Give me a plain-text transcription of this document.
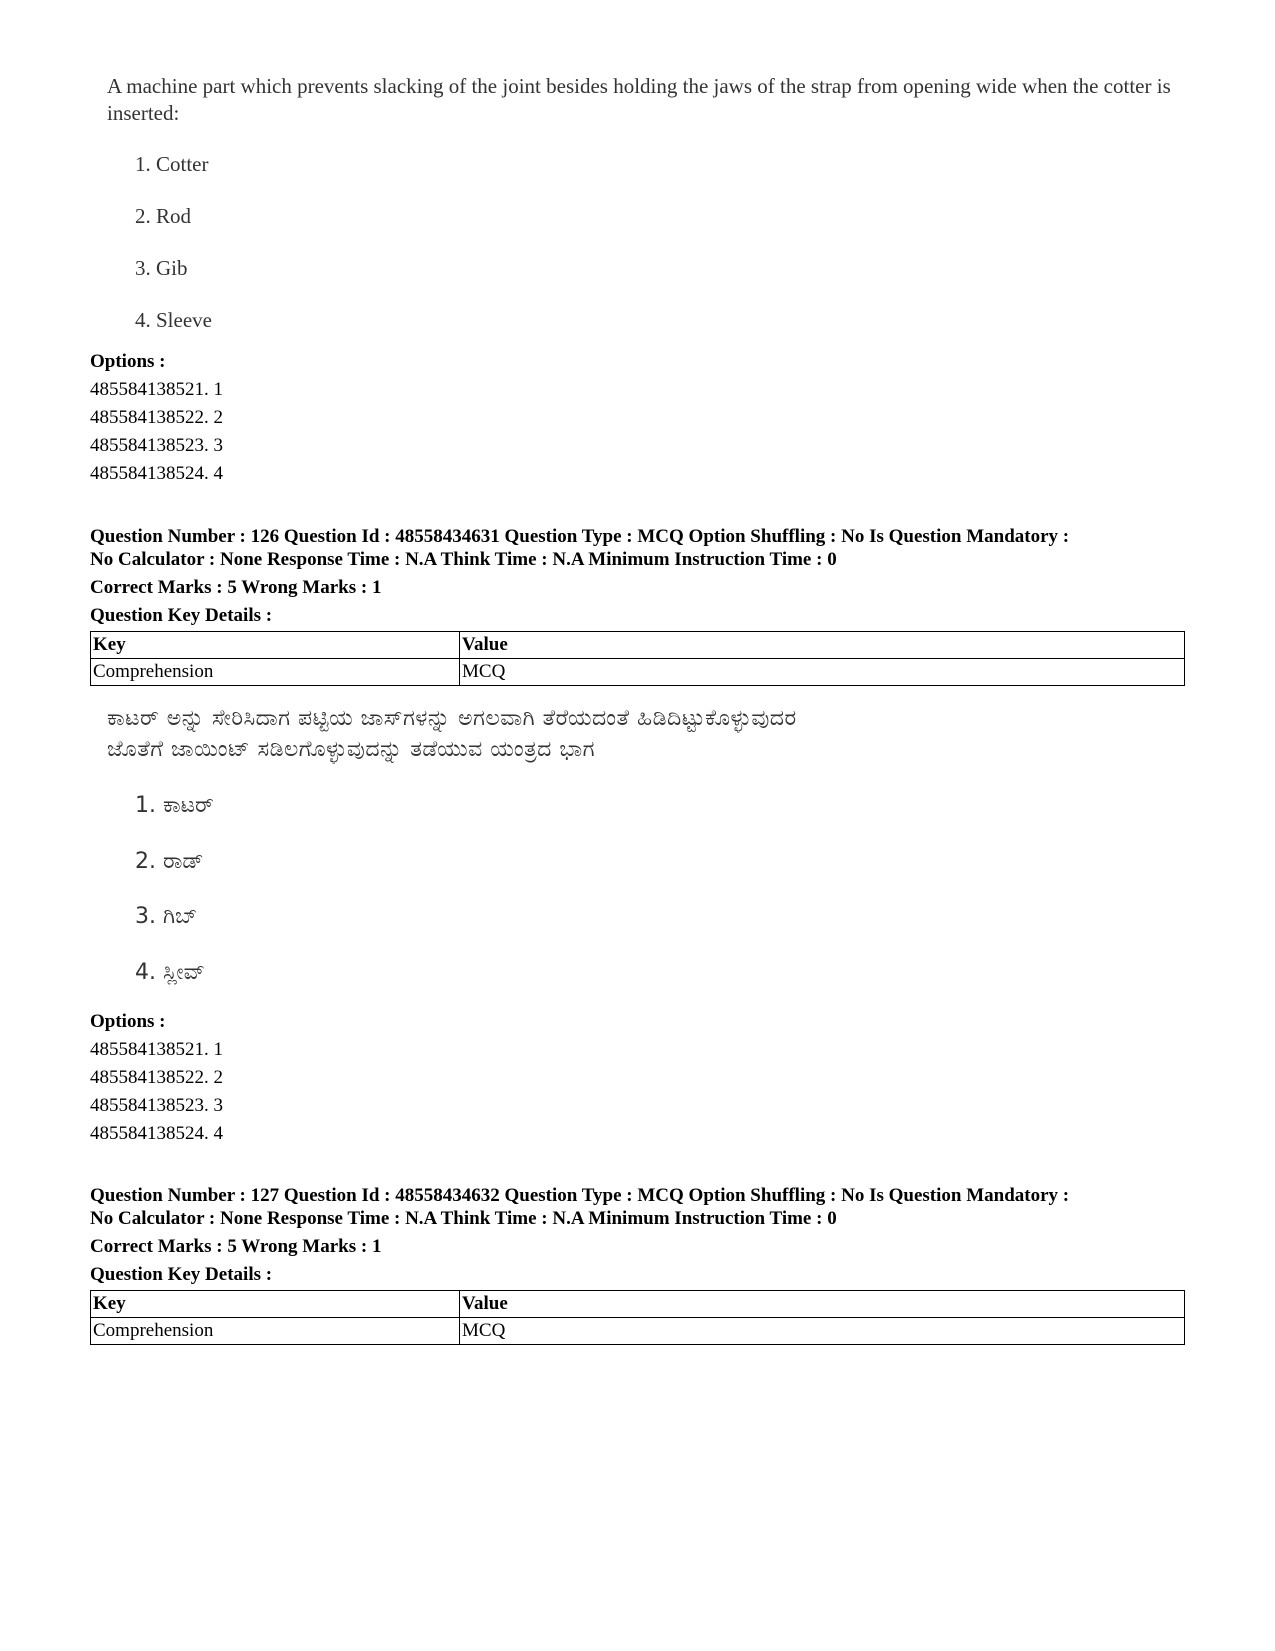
A machine part which prevents slacking of the joint besides holding the jaws of the strap from opening wide when the cotter is inserted:
1. Cotter
2. Rod
3. Gib
4. Sleeve
Options :
485584138521. 1
485584138522. 2
485584138523. 3
485584138524. 4
Question Number : 126 Question Id : 48558434631 Question Type : MCQ Option Shuffling : No Is Question Mandatory :
No Calculator : None Response Time : N.A Think Time : N.A Minimum Instruction Time : 0
Correct Marks : 5 Wrong Marks : 1
Question Key Details :
Key	Value
Comprehension	MCQ
ಕಾಟರ್ ಅನ್ನು ಸೇರಿಸಿದಾಗ ಪಟ್ಟಿಯ ಜಾಸ್‌ಗಳನ್ನು ಅಗಲವಾಗಿ ತೆರೆಯದಂತೆ ಹಿಡಿದಿಟ್ಟುಕೊಳ್ಳುವುದರ
ಜೊತೆಗೆ ಜಾಯಿಂಟ್ ಸಡಿಲಗೊಳ್ಳುವುದನ್ನು ತಡೆಯುವ ಯಂತ್ರದ ಭಾಗ
1. ಕಾಟರ್
2. ರಾಡ್
3. ಗಿಬ್
4. ಸ್ಲೀವ್
Options :
485584138521. 1
485584138522. 2
485584138523. 3
485584138524. 4
Question Number : 127 Question Id : 48558434632 Question Type : MCQ Option Shuffling : No Is Question Mandatory :
No Calculator : None Response Time : N.A Think Time : N.A Minimum Instruction Time : 0
Correct Marks : 5 Wrong Marks : 1
Question Key Details :
Key	Value
Comprehension	MCQ
